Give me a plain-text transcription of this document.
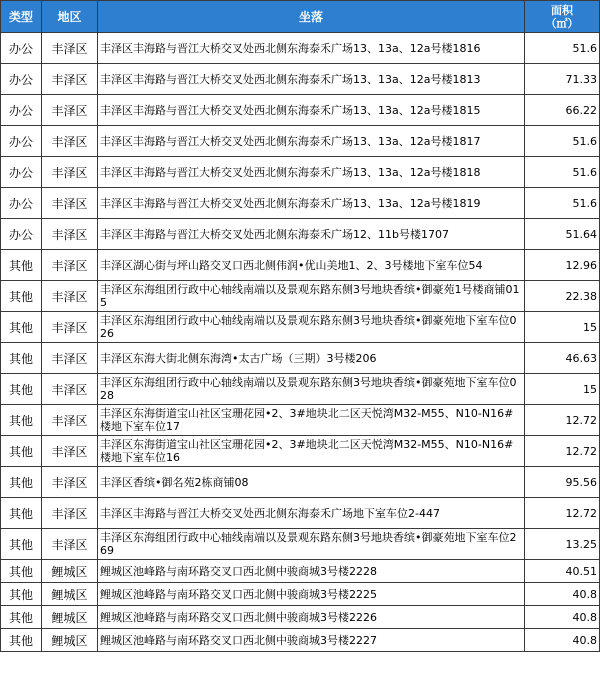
类型	地区	坐落	面积
（㎡）

办公	丰泽区	丰泽区丰海路与晋江大桥交叉处西北侧东海泰禾广场13、13a、12a号楼1816	51.6
办公	丰泽区	丰泽区丰海路与晋江大桥交叉处西北侧东海泰禾广场13、13a、12a号楼1813	71.33
办公	丰泽区	丰泽区丰海路与晋江大桥交叉处西北侧东海泰禾广场13、13a、12a号楼1815	66.22
办公	丰泽区	丰泽区丰海路与晋江大桥交叉处西北侧东海泰禾广场13、13a、12a号楼1817	51.6
办公	丰泽区	丰泽区丰海路与晋江大桥交叉处西北侧东海泰禾广场13、13a、12a号楼1818	51.6
办公	丰泽区	丰泽区丰海路与晋江大桥交叉处西北侧东海泰禾广场13、13a、12a号楼1819	51.6
办公	丰泽区	丰泽区丰海路与晋江大桥交叉处西北侧东海泰禾广场12、11b号楼1707	51.64
其他	丰泽区	丰泽区湖心街与坪山路交叉口西北侧伟润•优山美地1、2、3号楼地下室车位54	12.96
其他	丰泽区	丰泽区东海组团行政中心轴线南端以及景观东路东侧3号地块香缤•御豪苑1号楼商铺015	22.38
其他	丰泽区	丰泽区东海组团行政中心轴线南端以及景观东路东侧3号地块香缤•御豪苑地下室车位026	15
其他	丰泽区	丰泽区东海大街北侧东海湾•太古广场（三期）3号楼206	46.63
其他	丰泽区	丰泽区东海组团行政中心轴线南端以及景观东路东侧3号地块香缤•御豪苑地下室车位028	15
其他	丰泽区	丰泽区东海街道宝山社区宝珊花园•2、3#地块北二区天悦湾M32-M55、N10-N16#楼地下室车位17	12.72
其他	丰泽区	丰泽区东海街道宝山社区宝珊花园•2、3#地块北二区天悦湾M32-M55、N10-N16#楼地下室车位16	12.72
其他	丰泽区	丰泽区香缤•御名苑2栋商铺08	95.56
其他	丰泽区	丰泽区丰海路与晋江大桥交叉处西北侧东海泰禾广场地下室车位2-447	12.72
其他	丰泽区	丰泽区东海组团行政中心轴线南端以及景观东路东侧3号地块香缤•御豪苑地下室车位269	13.25
其他	鲤城区	鲤城区池峰路与南环路交叉口西北侧中骏商城3号楼2228	40.51
其他	鲤城区	鲤城区池峰路与南环路交叉口西北侧中骏商城3号楼2225	40.8
其他	鲤城区	鲤城区池峰路与南环路交叉口西北侧中骏商城3号楼2226	40.8
其他	鲤城区	鲤城区池峰路与南环路交叉口西北侧中骏商城3号楼2227	40.8
